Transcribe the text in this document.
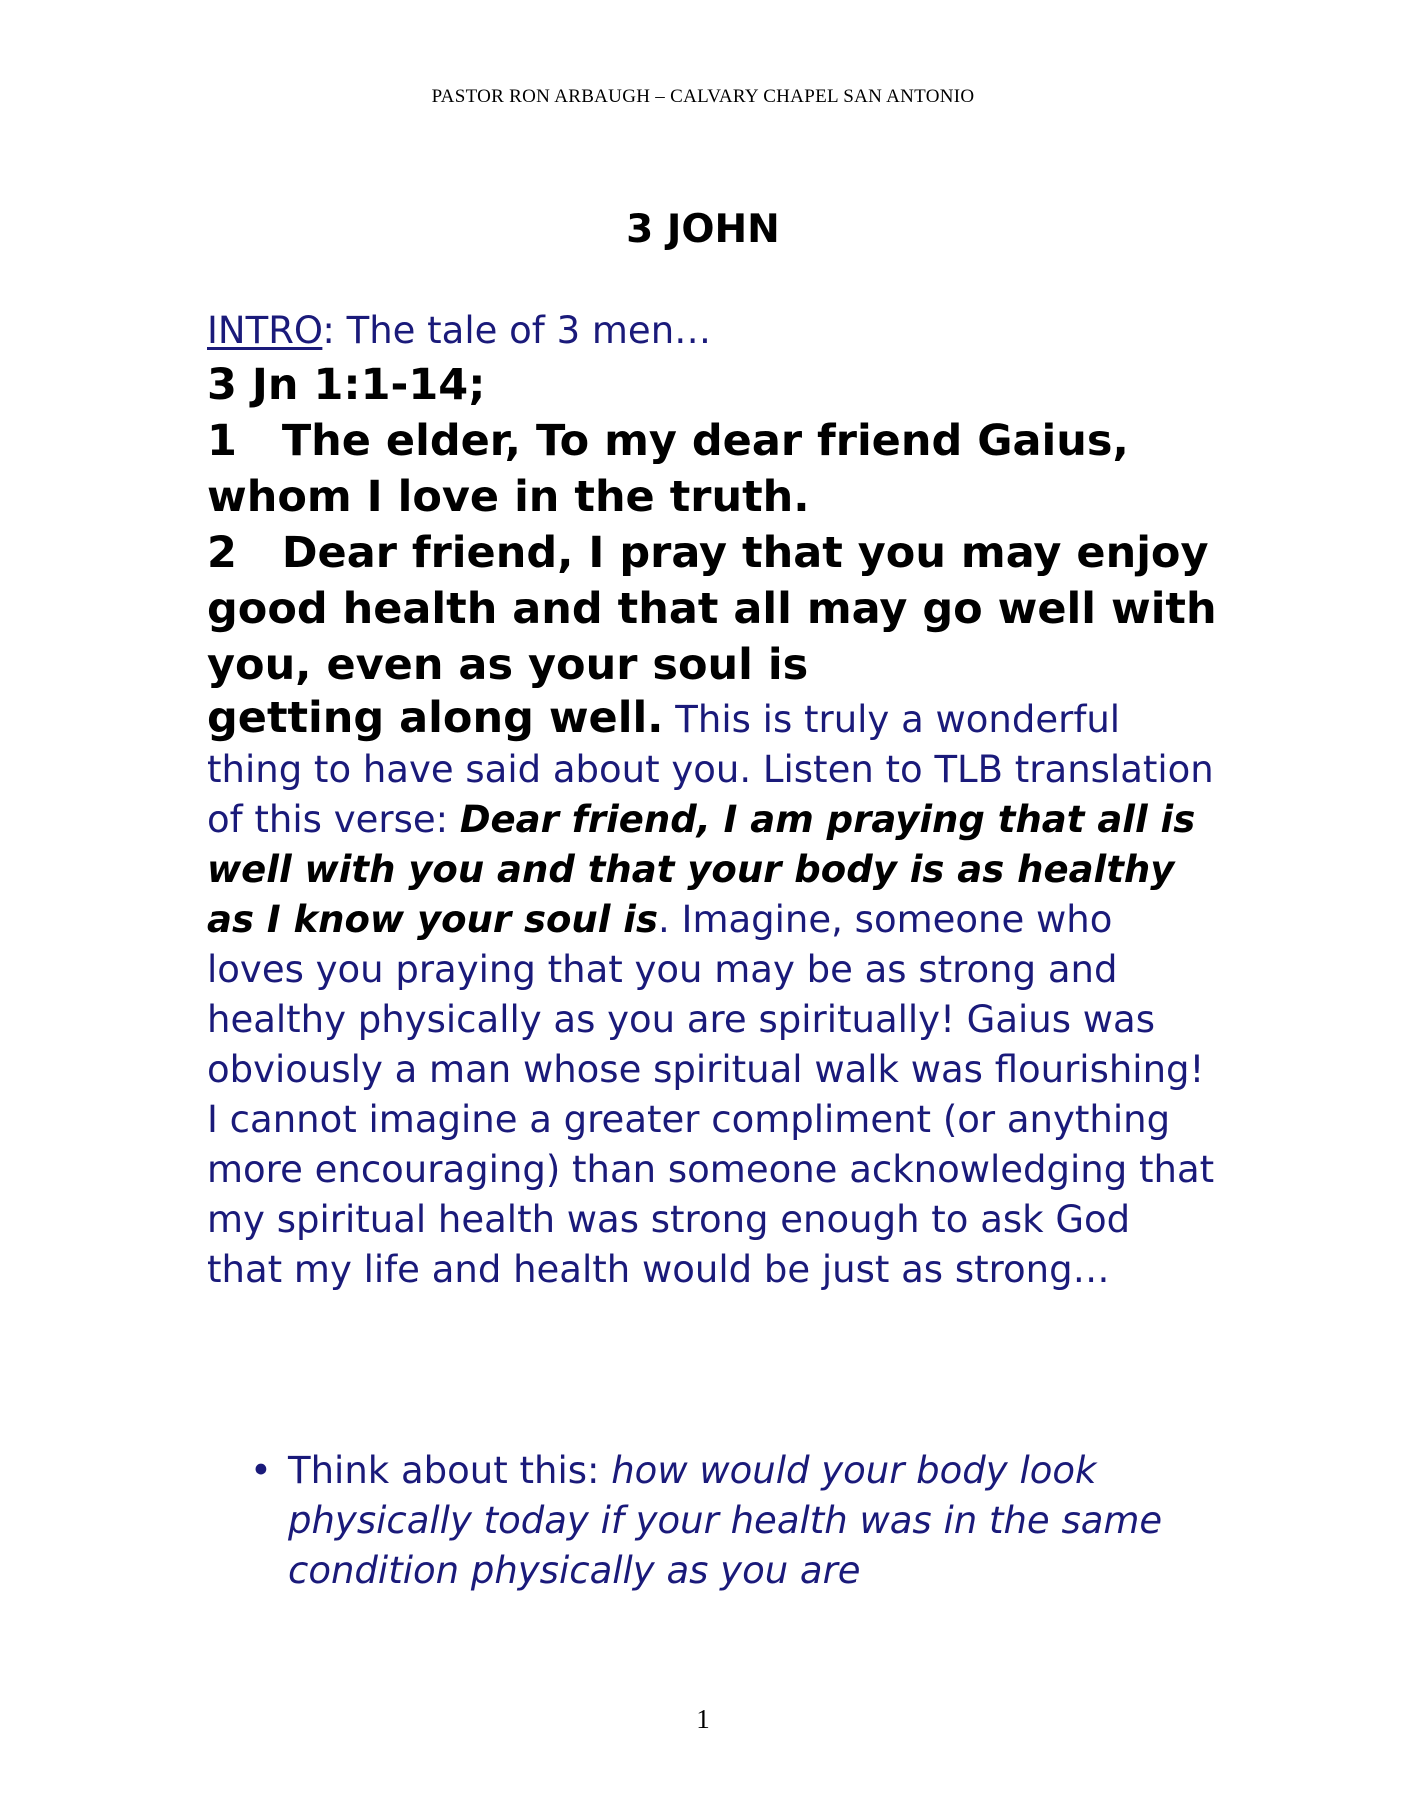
PASTOR RON ARBAUGH – CALVARY CHAPEL SAN ANTONIO
3 JOHN
INTRO: The tale of 3 men…
3 Jn 1:1-14;
1 The elder, To my dear friend Gaius, whom I love in the truth.
2 Dear friend, I pray that you may enjoy good health and that all may go well with you, even as your soul is
getting along well. This is truly a wonderful thing to have said about you. Listen to TLB translation of this verse: Dear friend, I am praying that all is well with you and that your body is as healthy as I know your soul is. Imagine, someone who loves you praying that you may be as strong and healthy physically as you are spiritually! Gaius was obviously a man whose spiritual walk was flourishing! I cannot imagine a greater compliment (or anything more encouraging) than someone acknowledging that my spiritual health was strong enough to ask God that my life and health would be just as strong…
• Think about this: how would your body look physically today if your health was in the same condition physically as you are
1
